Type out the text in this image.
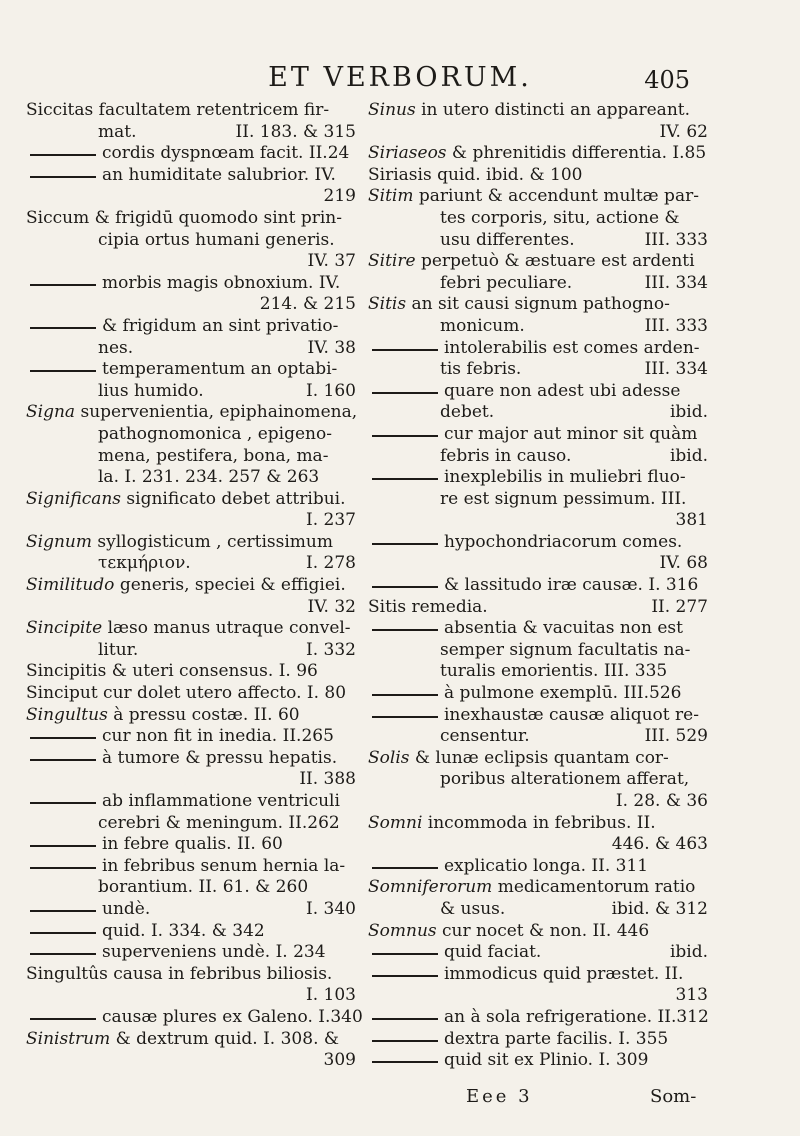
ET VERBORUM.	405
Siccitas facultatem retentricem fir-
mat.	II. 183. & 315
cordis dyspnœam facit. II.24
an humiditate salubrior. IV.
219
Siccum & frigidū quomodo sint prin-
cipia ortus humani generis.
IV. 37
morbis magis obnoxium. IV.
214. & 215
& frigidum an sint privatio-
nes.	IV. 38
temperamentum an optabi-
lius humido.	I. 160
Signa supervenientia, epiphainomena,
pathognomonica , epigeno-
mena, pestifera, bona, ma-
la. I. 231. 234. 257 & 263
Significans significato debet attribui.
I. 237
Signum syllogisticum , certissimum
τεκμήριον.	I. 278
Similitudo generis, speciei & effigiei.
IV. 32
Sincipite læso manus utraque convel-
litur.	I. 332
Sincipitis & uteri consensus. I. 96
Sinciput cur dolet utero affecto. I. 80
Singultus à pressu costæ. II. 60
cur non fit in inedia. II.265
à tumore & pressu hepatis.
II. 388
ab inflammatione ventriculi
cerebri & meningum. II.262
in febre qualis. II. 60
in febribus senum hernia la-
borantium. II. 61. & 260
undè.	I. 340
quid. I. 334. & 342
superveniens undè. I. 234
Singultûs causa in febribus biliosis.
I. 103
causæ plures ex Galeno. I.340
Sinistrum & dextrum quid. I. 308. &
309
Sinus in utero distincti an appareant.
IV. 62
Siriaseos & phrenitidis differentia. I.85
Siriasis quid. ibid. & 100
Sitim pariunt & accendunt multæ par-
tes corporis, situ, actione &
usu differentes.	III. 333
Sitire perpetuò & æstuare est ardenti
febri peculiare.	III. 334
Sitis an sit causi signum pathogno-
monicum.	III. 333
intolerabilis est comes arden-
tis febris.	III. 334
quare non adest ubi adesse
debet.	ibid.
cur major aut minor sit quàm
febris in causo.	ibid.
inexplebilis in muliebri fluo-
re est signum pessimum. III.
381
hypochondriacorum comes.
IV. 68
& lassitudo iræ causæ. I. 316
Sitis remedia.	II. 277
absentia & vacuitas non est
semper signum facultatis na-
turalis emorientis. III. 335
à pulmone exemplū. III.526
inexhaustæ causæ aliquot re-
censentur.	III. 529
Solis & lunæ eclipsis quantam cor-
poribus alterationem afferat,
I. 28. & 36
Somni incommoda in febribus. II.
446. & 463
explicatio longa. II. 311
Somniferorum medicamentorum ratio
& usus.	ibid. & 312
Somnus cur nocet & non. II. 446
quid faciat.	ibid.
immodicus quid præstet. II.
313
an à sola refrigeratione. II.312
dextra parte facilis. I. 355
quid sit ex Plinio. I. 309
Eee 3	Som-
